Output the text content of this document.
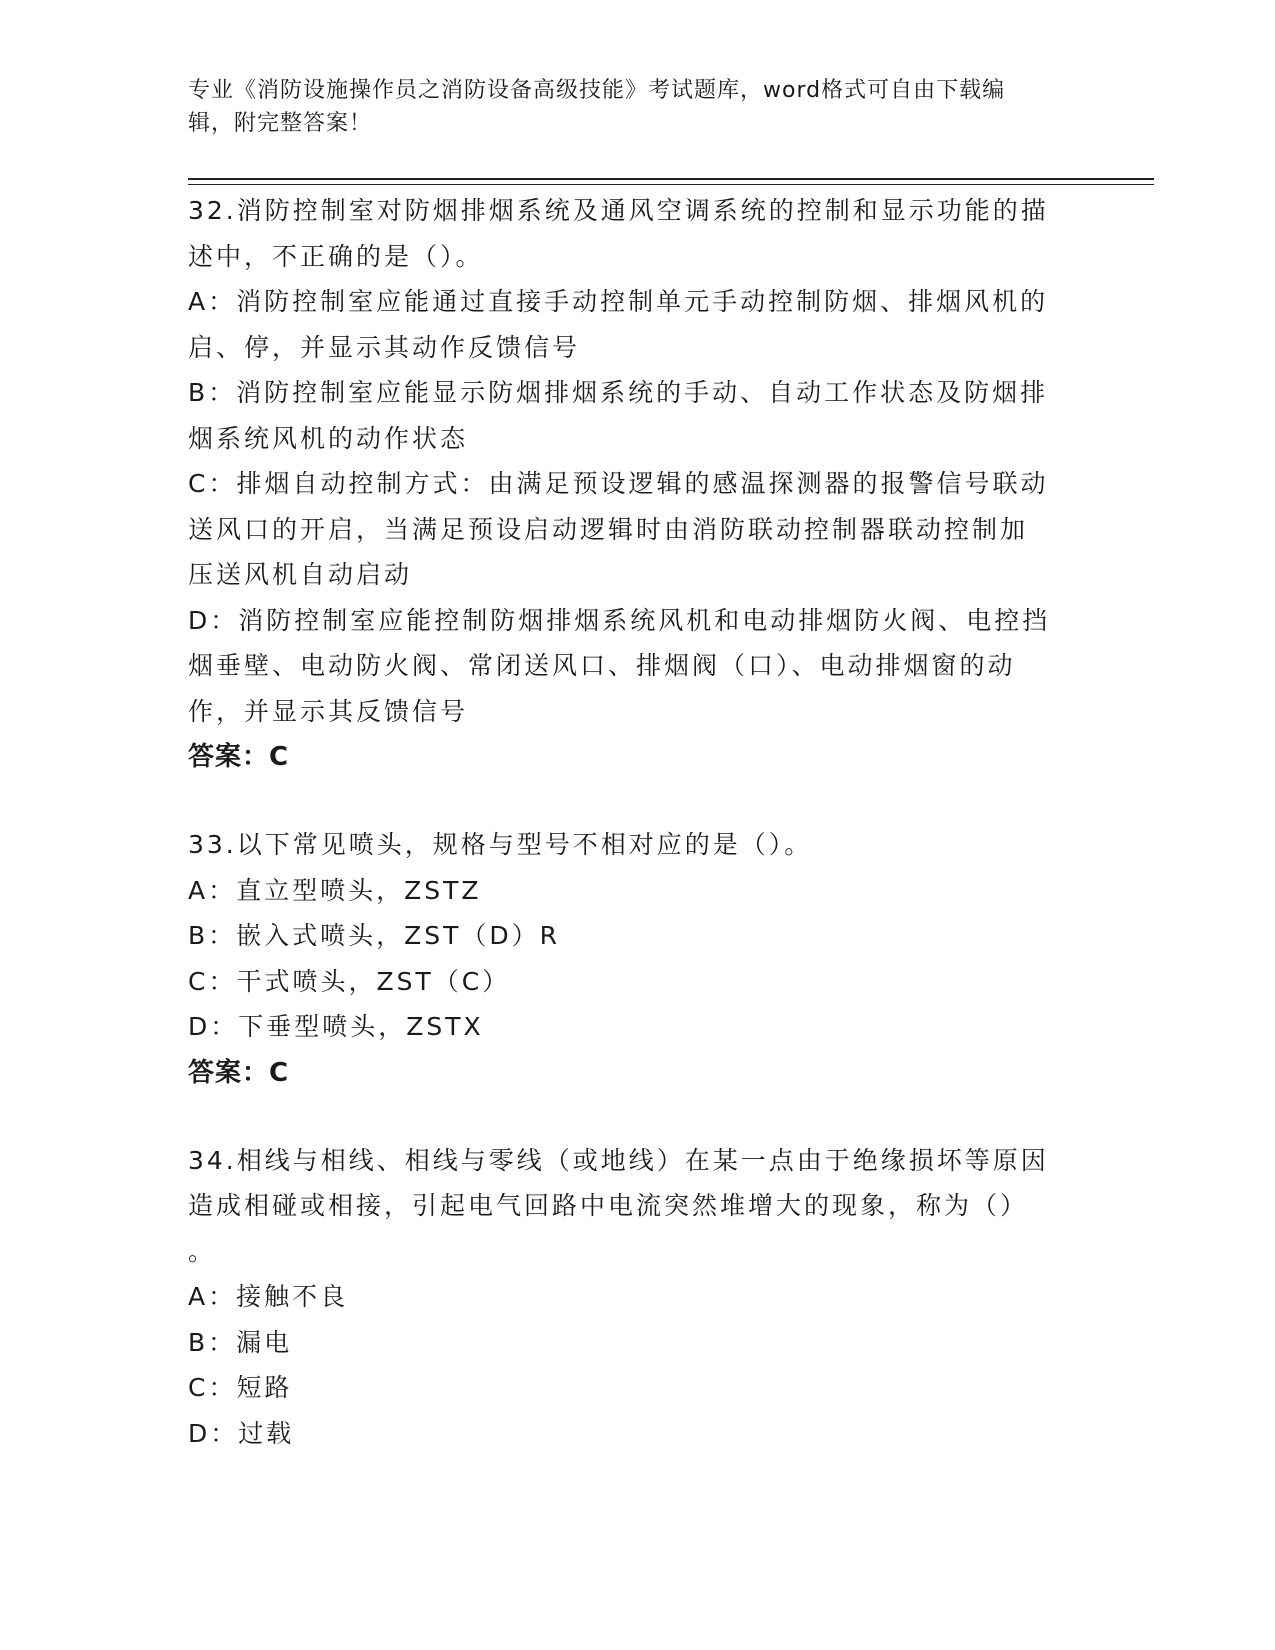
专业《消防设施操作员之消防设备高级技能》考试题库，word格式可自由下载编
辑，附完整答案！
32.消防控制室对防烟排烟系统及通风空调系统的控制和显示功能的描
述中，不正确的是（）。
A：消防控制室应能通过直接手动控制单元手动控制防烟、排烟风机的
启、停，并显示其动作反馈信号
B：消防控制室应能显示防烟排烟系统的手动、自动工作状态及防烟排
烟系统风机的动作状态
C：排烟自动控制方式：由满足预设逻辑的感温探测器的报警信号联动
送风口的开启，当满足预设启动逻辑时由消防联动控制器联动控制加
压送风机自动启动
D：消防控制室应能控制防烟排烟系统风机和电动排烟防火阀、电控挡
烟垂壁、电动防火阀、常闭送风口、排烟阀（口）、电动排烟窗的动
作，并显示其反馈信号
答案：C
33.以下常见喷头，规格与型号不相对应的是（）。
A：直立型喷头，ZSTZ
B：嵌入式喷头，ZST（D）R
C：干式喷头，ZST（C）
D：下垂型喷头，ZSTX
答案：C
34.相线与相线、相线与零线（或地线）在某一点由于绝缘损坏等原因
造成相碰或相接，引起电气回路中电流突然堆增大的现象，称为（）
。
A：接触不良
B：漏电
C：短路
D：过载
